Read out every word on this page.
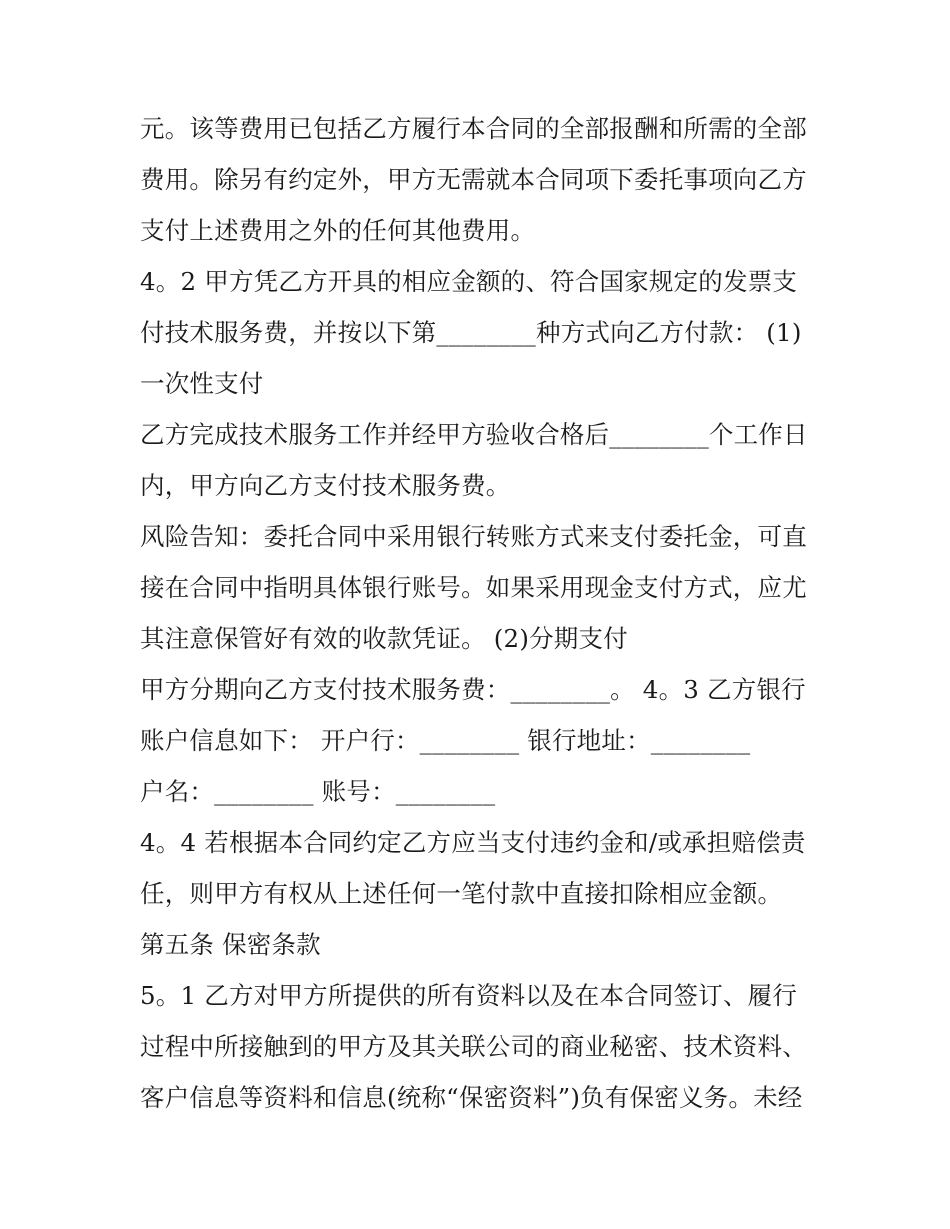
元。该等费用已包括乙方履行本合同的全部报酬和所需的全部
费用。除另有约定外，甲方无需就本合同项下委托事项向乙方
支付上述费用之外的任何其他费用。
4。2 甲方凭乙方开具的相应金额的、符合国家规定的发票支
付技术服务费，并按以下第________种方式向乙方付款： (1)
一次性支付
乙方完成技术服务工作并经甲方验收合格后________个工作日
内，甲方向乙方支付技术服务费。
风险告知：委托合同中采用银行转账方式来支付委托金，可直
接在合同中指明具体银行账号。如果采用现金支付方式，应尤
其注意保管好有效的收款凭证。 (2)分期支付
甲方分期向乙方支付技术服务费：________。 4。3 乙方银行
账户信息如下： 开户行：________ 银行地址：________
户名：________ 账号：________
4。4 若根据本合同约定乙方应当支付违约金和/或承担赔偿责
任，则甲方有权从上述任何一笔付款中直接扣除相应金额。
第五条 保密条款
5。1 乙方对甲方所提供的所有资料以及在本合同签订、履行
过程中所接触到的甲方及其关联公司的商业秘密、技术资料、
客户信息等资料和信息(统称“保密资料”)负有保密义务。未经
